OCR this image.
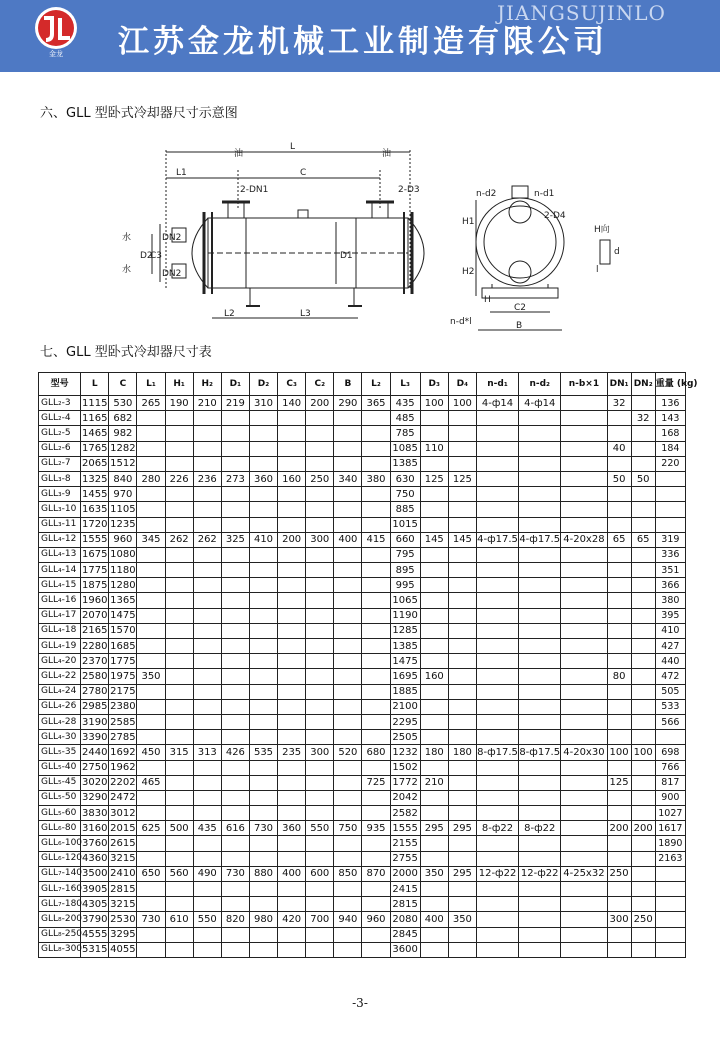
金龙 江苏金龙机械工业制造有限公司
JIANGSUJINLO
六、GLL 型卧式冷却器尺寸示意图
油	油
L
L1	C
2-DN1	2-D3
水
水
D2
C3
DN2
DN2
D1
L2	L3
n-d2	n-d1
2-D4
H1
H2
C2
B
n-d*l
H向
d
l
H
七、GLL 型卧式冷却器尺寸表
型号	L	C	L₁	H₁	H₂	D₁	D₂	C₃	C₂	B	L₂	L₃	D₃	D₄	n-d₁	n-d₂	n-b×1	DN₁	DN₂	重量 (kg)
GLL₂-3	1115	530	265	190	210	219	310	140	200	290	365	435	100	100	4-ф14	4-ф14		32		136
GLL₂-4	1165	682										485							32	143
GLL₂-5	1465	982										785								168
GLL₂-6	1765	1282										1085	110					40		184
GLL₂-7	2065	1512										1385								220
GLL₃-8	1325	840	280	226	236	273	360	160	250	340	380	630	125	125				50	50	
GLL₃-9	1455	970										750								
GLL₃-10	1635	1105										885								
GLL₃-11	1720	1235										1015								
GLL₄-12	1555	960	345	262	262	325	410	200	300	400	415	660	145	145	4-ф17.5	4-ф17.5	4-20x28	65	65	319
GLL₄-13	1675	1080										795								336
GLL₄-14	1775	1180										895								351
GLL₄-15	1875	1280										995								366
GLL₄-16	1960	1365										1065								380
GLL₄-17	2070	1475										1190								395
GLL₄-18	2165	1570										1285								410
GLL₄-19	2280	1685										1385								427
GLL₄-20	2370	1775										1475								440
GLL₄-22	2580	1975	350									1695	160					80		472
GLL₄-24	2780	2175										1885								505
GLL₄-26	2985	2380										2100								533
GLL₄-28	3190	2585										2295								566
GLL₄-30	3390	2785										2505								
GLL₅-35	2440	1692	450	315	313	426	535	235	300	520	680	1232	180	180	8-ф17.5	8-ф17.5	4-20x30	100	100	698
GLL₅-40	2750	1962										1502								766
GLL₅-45	3020	2202	465								725	1772	210					125		817
GLL₅-50	3290	2472										2042								900
GLL₅-60	3830	3012										2582								1027
GLL₆-80	3160	2015	625	500	435	616	730	360	550	750	935	1555	295	295	8-ф22	8-ф22		200	200	1617
GLL₆-100	3760	2615										2155								1890
GLL₆-120	4360	3215										2755								2163
GLL₇-140	3500	2410	650	560	490	730	880	400	600	850	870	2000	350	295	12-ф22	12-ф22	4-25x32	250		
GLL₇-160	3905	2815										2415								
GLL₇-180	4305	3215										2815								
GLL₈-200	3790	2530	730	610	550	820	980	420	700	940	960	2080	400	350				300	250	
GLL₈-250	4555	3295										2845								
GLL₈-300	5315	4055										3600								
-3-
